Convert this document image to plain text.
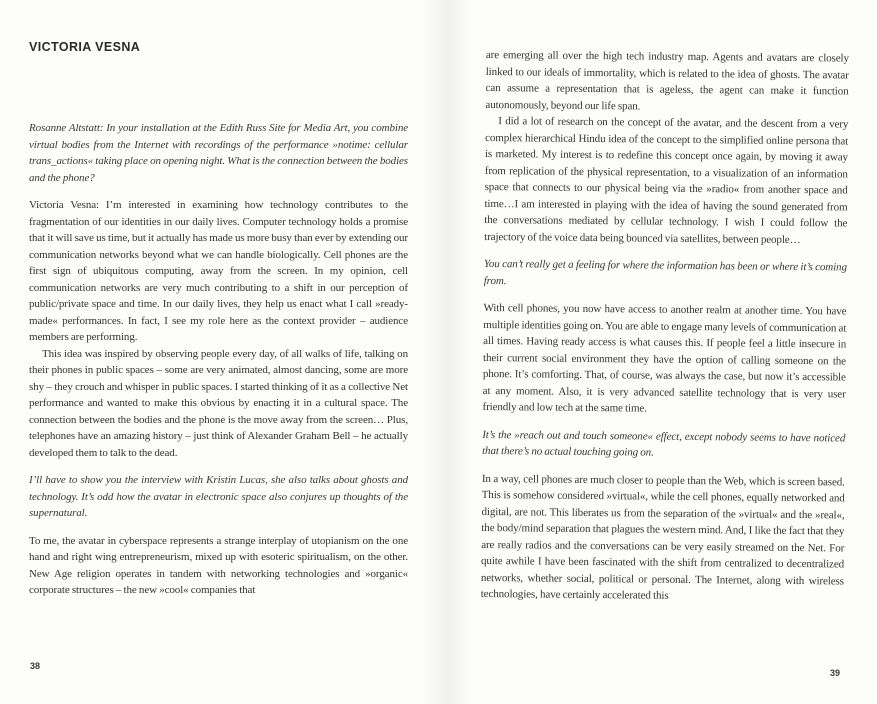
VICTORIA VESNA

Rosanne Altstatt: In your installation at the Edith Russ Site for Media Art, you combine virtual bodies from the Internet with recordings of the performance »notime: cellular trans_actions« taking place on opening night. What is the connection between the bodies and the phone?

Victoria Vesna: I’m interested in examining how technology contributes to the fragmentation of our identities in our daily lives. Computer technology holds a promise that it will save us time, but it actually has made us more busy than ever by extending our communication networks beyond what we can handle biologically. Cell phones are the first sign of ubiquitous computing, away from the screen. In my opinion, cell communication networks are very much contributing to a shift in our perception of public/private space and time. In our daily lives, they help us enact what I call »ready-made« performances. In fact, I see my role here as the context provider – audience members are performing.

This idea was inspired by observing people every day, of all walks of life, talking on their phones in public spaces – some are very animated, almost dancing, some are more shy – they crouch and whisper in public spaces. I started thinking of it as a collective Net performance and wanted to make this obvious by enacting it in a cultural space. The connection between the bodies and the phone is the move away from the screen… Plus, telephones have an amazing history – just think of Alexander Graham Bell – he actually developed them to talk to the dead.

I’ll have to show you the interview with Kristin Lucas, she also talks about ghosts and technology. It’s odd how the avatar in electronic space also conjures up thoughts of the supernatural.

To me, the avatar in cyberspace represents a strange interplay of utopianism on the one hand and right wing entrepreneurism, mixed up with esoteric spiritualism, on the other. New Age religion operates in tandem with networking technologies and »organic« corporate structures – the new »cool« companies that

are emerging all over the high tech industry map. Agents and avatars are closely linked to our ideals of immortality, which is related to the idea of ghosts. The avatar can assume a representation that is ageless, the agent can make it function autonomously, beyond our life span.

I did a lot of research on the concept of the avatar, and the descent from a very complex hierarchical Hindu idea of the concept to the simplified online persona that is marketed. My interest is to redefine this concept once again, by moving it away from replication of the physical representation, to a visualization of an information space that connects to our physical being via the »radio« from another space and time…I am interested in playing with the idea of having the sound generated from the conversations mediated by cellular technology. I wish I could follow the trajectory of the voice data being bounced via satellites, between people…

You can’t really get a feeling for where the information has been or where it’s coming from.

With cell phones, you now have access to another realm at another time. You have multiple identities going on. You are able to engage many levels of communication at all times. Having ready access is what causes this. If people feel a little insecure in their current social environment they have the option of calling someone on the phone. It’s comforting. That, of course, was always the case, but now it’s accessible at any moment. Also, it is very advanced satellite technology that is very user friendly and low tech at the same time.

It’s the »reach out and touch someone« effect, except nobody seems to have noticed that there’s no actual touching going on.

In a way, cell phones are much closer to people than the Web, which is screen based. This is somehow considered »virtual«, while the cell phones, equally networked and digital, are not. This liberates us from the separation of the »virtual« and the »real«, the body/mind separation that plagues the western mind. And, I like the fact that they are really radios and the conversations can be very easily streamed on the Net. For quite awhile I have been fascinated with the shift from centralized to decentralized networks, whether social, political or personal. The Internet, along with wireless technologies, have certainly accelerated this

38
39
